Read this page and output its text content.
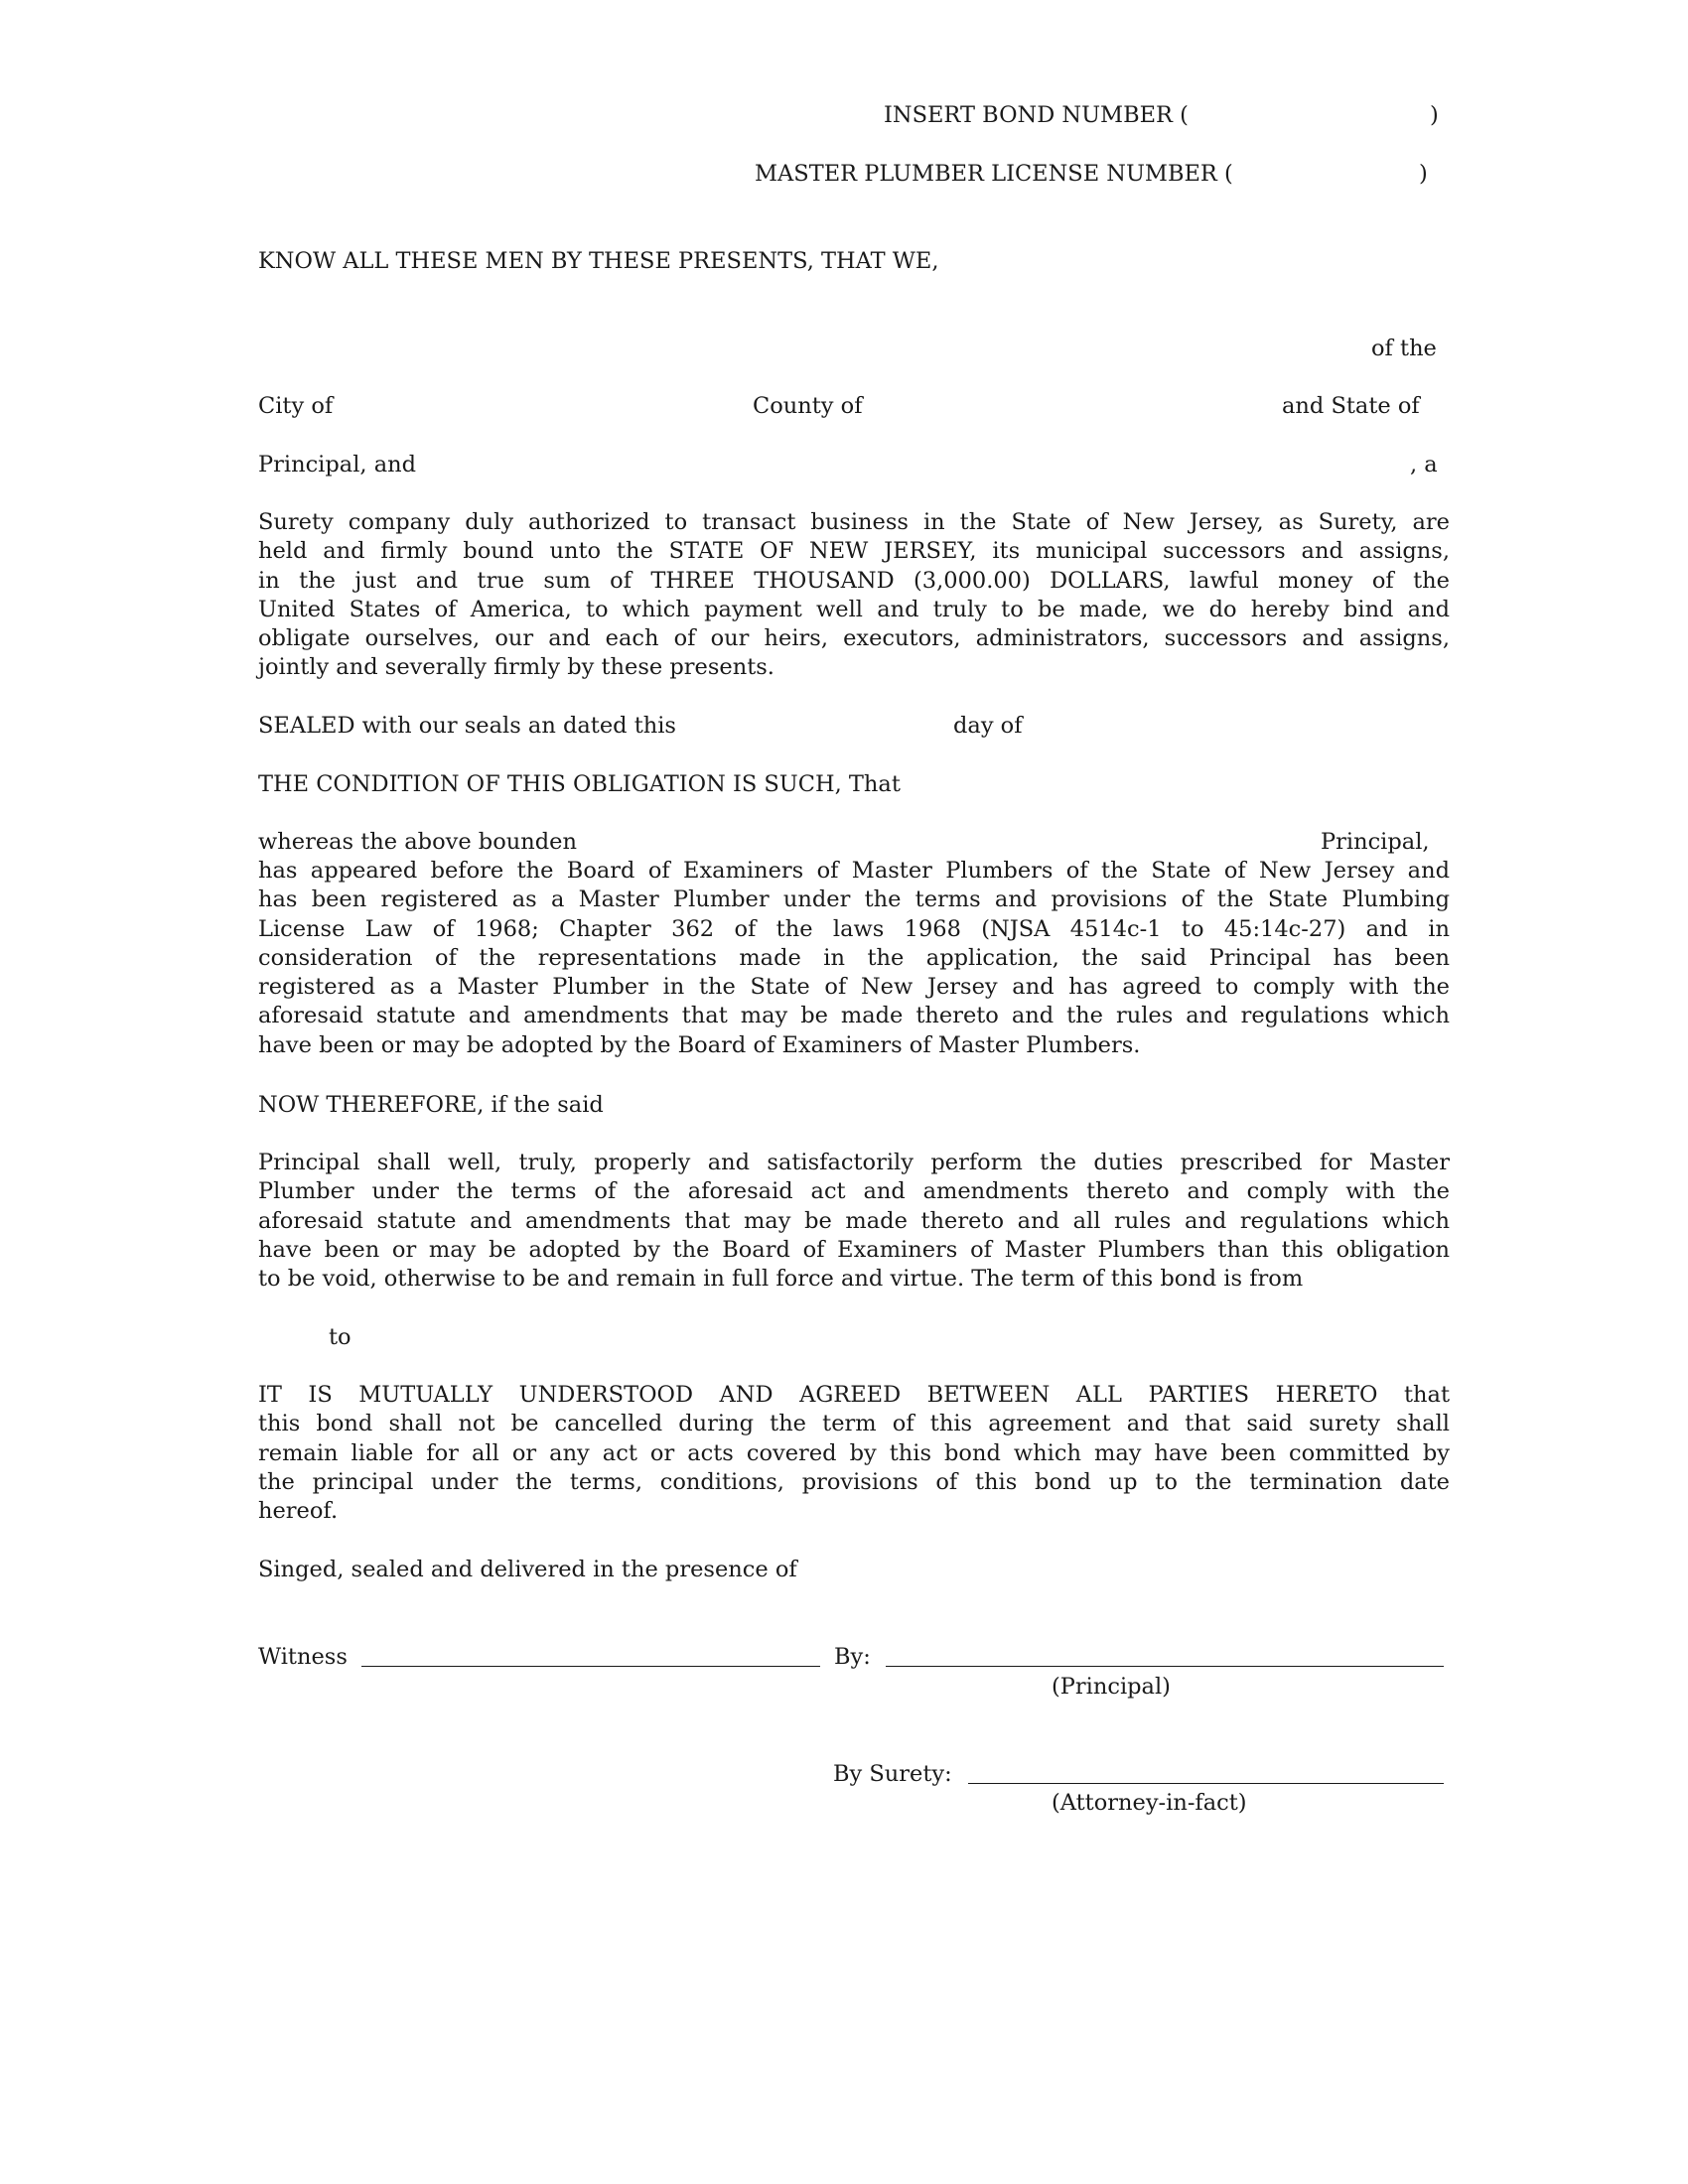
INSERT BOND NUMBER (	)
MASTER PLUMBER LICENSE NUMBER (	)
KNOW ALL THESE MEN BY THESE PRESENTS, THAT WE,
of the
City of	County of	and State of
Principal, and	, a
Surety company duly authorized to transact business in the State of New Jersey, as Surety, are
held and firmly bound unto the STATE OF NEW JERSEY, its municipal successors and assigns,
in the just and true sum of THREE THOUSAND (3,000.00) DOLLARS, lawful money of the
United States of America, to which payment well and truly to be made, we do hereby bind and
obligate ourselves, our and each of our heirs, executors, administrators, successors and assigns,
jointly and severally firmly by these presents.
SEALED with our seals an dated this	day of
THE CONDITION OF THIS OBLIGATION IS SUCH, That
whereas the above bounden	Principal,
has appeared before the Board of Examiners of Master Plumbers of the State of New Jersey and
has been registered as a Master Plumber under the terms and provisions of the State Plumbing
License Law of 1968; Chapter 362 of the laws 1968 (NJSA 4514c-1 to 45:14c-27) and in
consideration of the representations made in the application, the said Principal has been
registered as a Master Plumber in the State of New Jersey and has agreed to comply with the
aforesaid statute and amendments that may be made thereto and the rules and regulations which
have been or may be adopted by the Board of Examiners of Master Plumbers.
NOW THEREFORE, if the said
Principal shall well, truly, properly and satisfactorily perform the duties prescribed for Master
Plumber under the terms of the aforesaid act and amendments thereto and comply with the
aforesaid statute and amendments that may be made thereto and all rules and regulations which
have been or may be adopted by the Board of Examiners of Master Plumbers than this obligation
to be void, otherwise to be and remain in full force and virtue. The term of this bond is from
to
IT IS MUTUALLY UNDERSTOOD AND AGREED BETWEEN ALL PARTIES HERETO that
this bond shall not be cancelled during the term of this agreement and that said surety shall
remain liable for all or any act or acts covered by this bond which may have been committed by
the principal under the terms, conditions, provisions of this bond up to the termination date
hereof.
Singed, sealed and delivered in the presence of
Witness	By:
(Principal)
By Surety:
(Attorney-in-fact)
